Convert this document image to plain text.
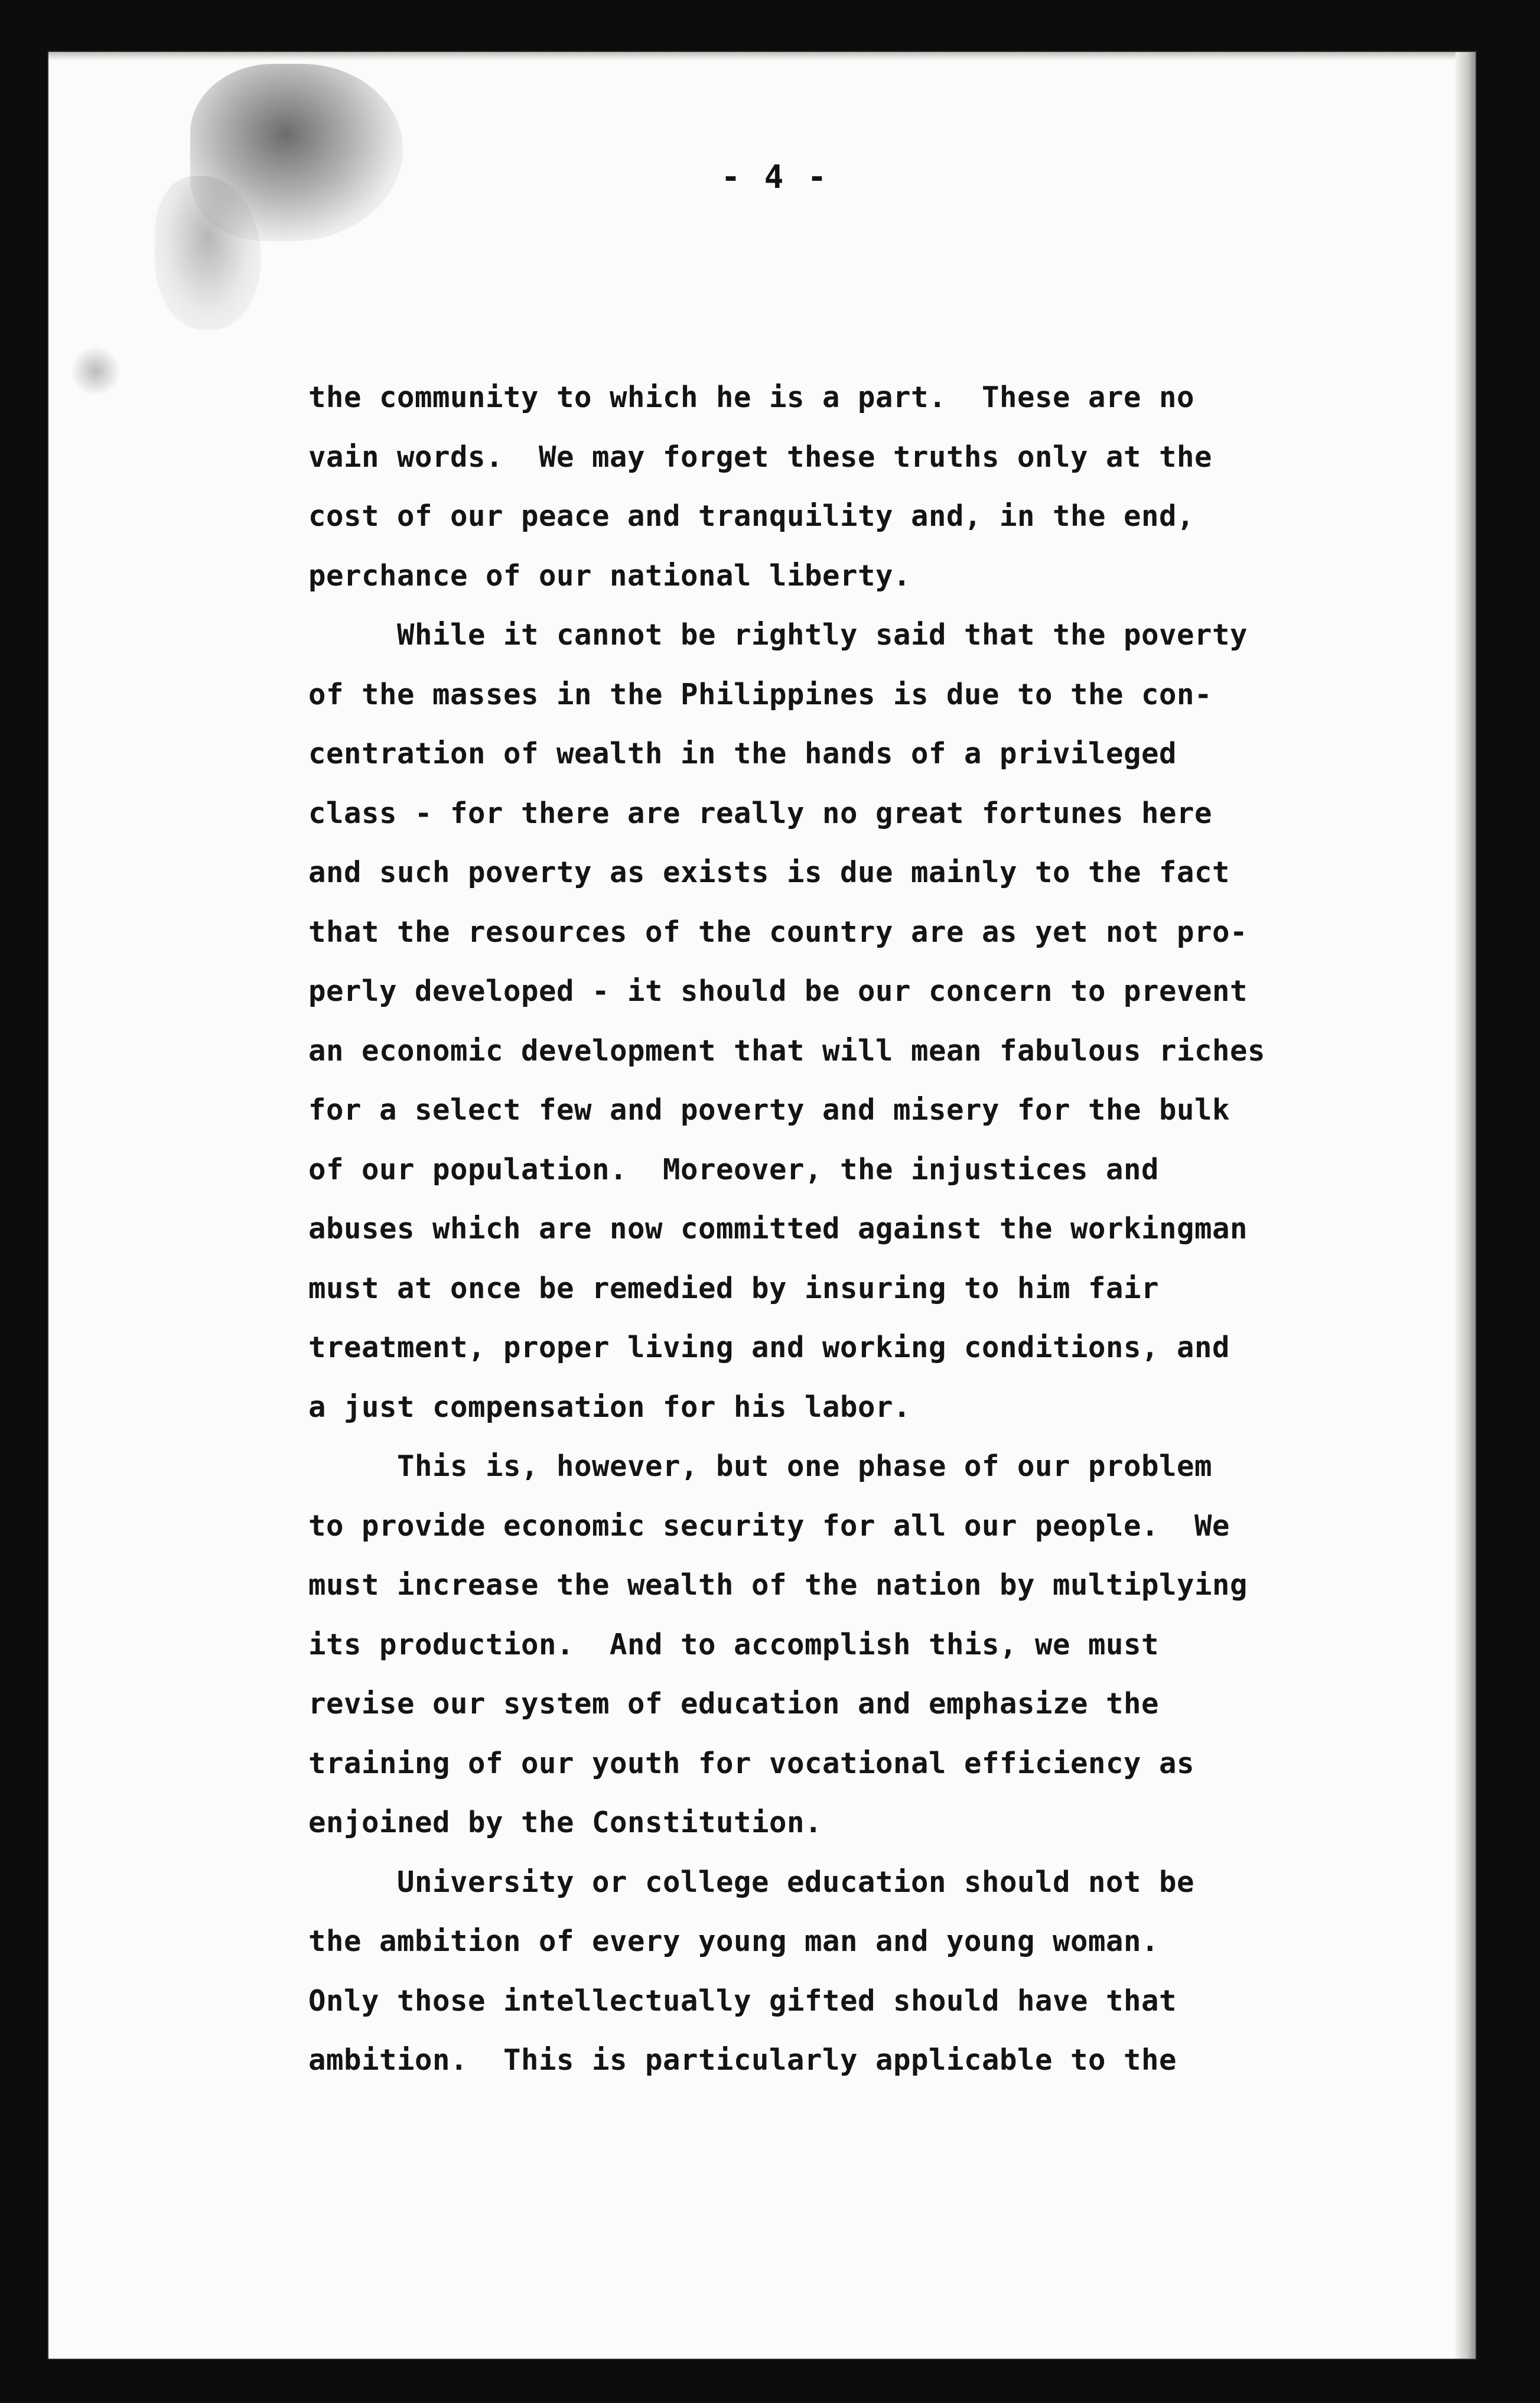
- 4 -
the community to which he is a part.  These are no
vain words.  We may forget these truths only at the
cost of our peace and tranquility and, in the end,
perchance of our national liberty.
While it cannot be rightly said that the poverty
of the masses in the Philippines is due to the con-
centration of wealth in the hands of a privileged
class - for there are really no great fortunes here
and such poverty as exists is due mainly to the fact
that the resources of the country are as yet not pro-
perly developed - it should be our concern to prevent
an economic development that will mean fabulous riches
for a select few and poverty and misery for the bulk
of our population.  Moreover, the injustices and
abuses which are now committed against the workingman
must at once be remedied by insuring to him fair
treatment, proper living and working conditions, and
a just compensation for his labor.
This is, however, but one phase of our problem
to provide economic security for all our people.  We
must increase the wealth of the nation by multiplying
its production.  And to accomplish this, we must
revise our system of education and emphasize the
training of our youth for vocational efficiency as
enjoined by the Constitution.
University or college education should not be
the ambition of every young man and young woman.
Only those intellectually gifted should have that
ambition.  This is particularly applicable to the
